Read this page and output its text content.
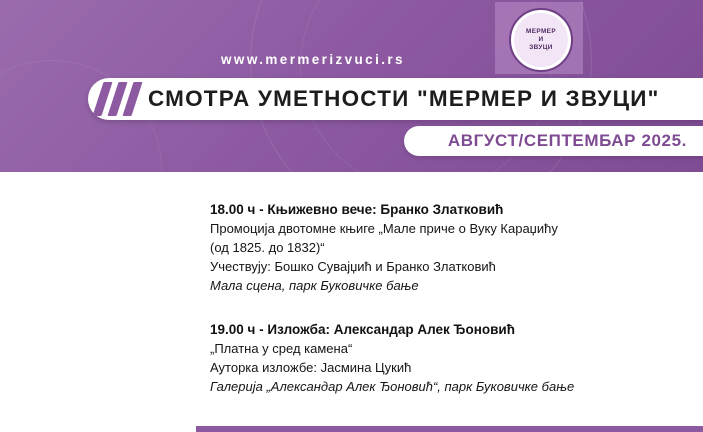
МЕРМЕР
И
ЗВУЦИ
www.mermerizvuci.rs
СМОТРА УМЕТНОСТИ "МЕРМЕР И ЗВУЦИ"
АВГУСТ/СЕПТЕМБАР 2025.
04. СЕПТЕМБАР	18.00 ч - Књижевно вече: Бранко Златковић

Промоција двотомне књиге „Мале приче о Вуку Караџићу

(од 1825. до 1832)“

Учествују: Бошко Сувајџић и Бранко Златковић

Мала сцена, парк Буковичке бање

08. СЕПТЕМБАР	19.00 ч - Изложба: Александар Алек Ђоновић

„Платна у сред камена“

Ауторка изложбе: Јасмина Цукић

Галерија „Александар Алек Ђоновић“, парк Буковичке бање
